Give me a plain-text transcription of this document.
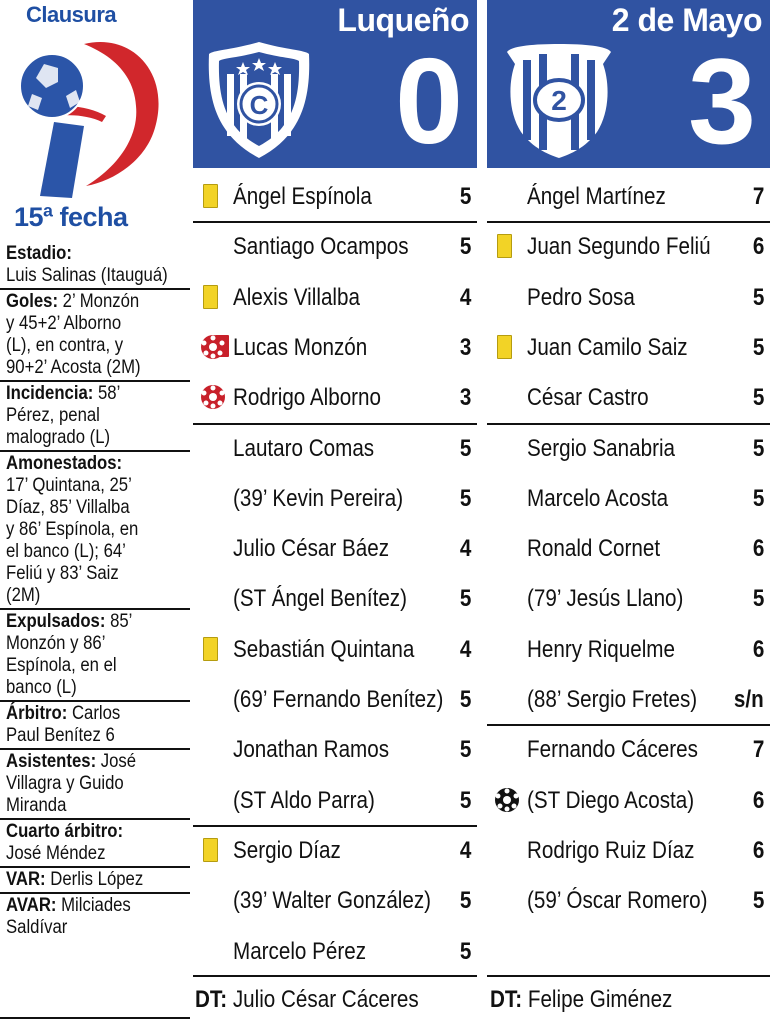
Clausura
15ª fecha
Estadio:
Luis Salinas (Itauguá)
Goles: 2’ Monzón
y 45+2’ Alborno
(L), en contra, y
90+2’ Acosta (2M)
Incidencia: 58’
Pérez, penal
malogrado (L)
Amonestados:
17’ Quintana, 25’
Díaz, 85’ Villalba
y 86’ Espínola, en
el banco (L); 64’
Feliú y 83’ Saiz
(2M)
Expulsados: 85’
Monzón y 86’
Espínola, en el
banco (L)
Árbitro: Carlos
Paul Benítez 6
Asistentes: José
Villagra y Guido
Miranda
Cuarto árbitro:
José Méndez
VAR: Derlis López
AVAR: Milciades
Saldívar
Luqueño
C 0
2 de Mayo
2 3
Ángel Espínola	5
Santiago Ocampos 5
Alexis Villalba	4
Lucas Monzón	3
Rodrigo Alborno	3
Lautaro Comas	5
(39’ Kevin Pereira) 5
Julio César Báez	4
(ST Ángel Benítez) 5
Sebastián Quintana 4
(69’ Fernando Benítez) 5
Jonathan Ramos	5
(ST Aldo Parra)	5
Sergio Díaz	4
(39’ Walter González) 5
Marcelo Pérez	5
Ángel Martínez	7
Juan Segundo Feliú 6
Pedro Sosa	5
Juan Camilo Saiz	5
César Castro	5
Sergio Sanabria	5
Marcelo Acosta	5
Ronald Cornet	6
(79’ Jesús Llano)	5
Henry Riquelme	6
(88’ Sergio Fretes) s/n
Fernando Cáceres 7
(ST Diego Acosta) 6
Rodrigo Ruiz Díaz 6
(59’ Óscar Romero) 5
DT: Julio César Cáceres	DT: Felipe Giménez
